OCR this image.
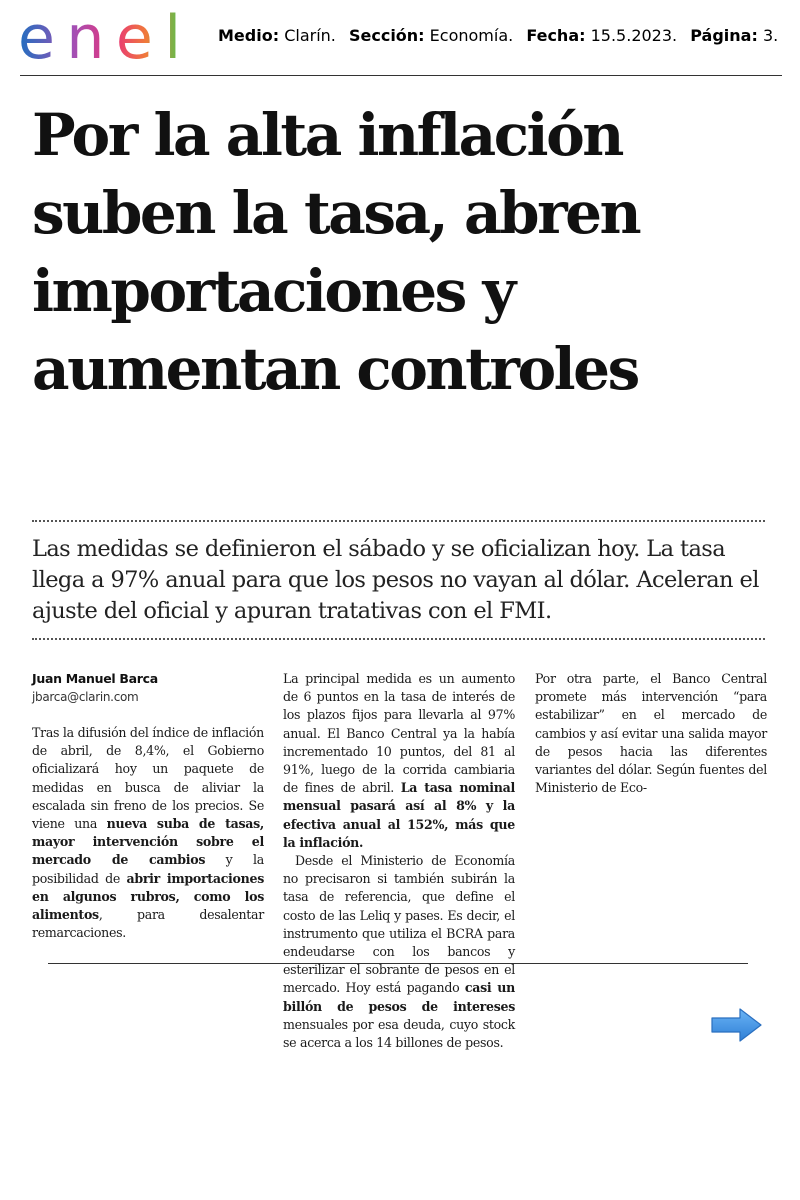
enel	Medio: Clarín. Sección: Economía. Fecha: 15.5.2023. Página: 3.
Por la alta inflación
suben la tasa, abren
importaciones y
aumentan controles

Las medidas se definieron el sábado y se oficializan hoy. La tasa llega a 97% anual para que los pesos no vayan al dólar. Aceleran el ajuste del oficial y apuran tratativas con el FMI.

Juan Manuel Barca

jbarca@clarin.com

Tras la difusión del índice de inflación de abril, de 8,4%, el Gobierno oficializará hoy un paquete de medidas en busca de aliviar la escalada sin freno de los precios. Se viene una nueva suba de tasas, mayor intervención sobre el mercado de cambios y la posibilidad de abrir importaciones en algunos rubros, como los alimentos, para desalentar remarcaciones.

La principal medida es un aumento de 6 puntos en la tasa de interés de los plazos fijos para llevarla al 97% anual. El Banco Central ya la había incrementado 10 puntos, del 81 al 91%, luego de la corrida cambiaria de fines de abril. La tasa nominal mensual pasará así al 8% y la efectiva anual al 152%, más que la inflación.

Desde el Ministerio de Economía no precisaron si también subirán la tasa de referencia, que define el costo de las Leliq y pases. Es decir, el instrumento que utiliza el BCRA para endeudarse con los bancos y esterilizar el sobrante de pesos en el mercado. Hoy está pagando casi un billón de pesos de intereses mensuales por esa deuda, cuyo stock se acerca a los 14 billones de pesos.

Por otra parte, el Banco Central promete más intervención “para estabilizar” en el mercado de cambios y así evitar una salida mayor de pesos hacia las diferentes variantes del dólar. Según fuentes del Ministerio de Eco-
